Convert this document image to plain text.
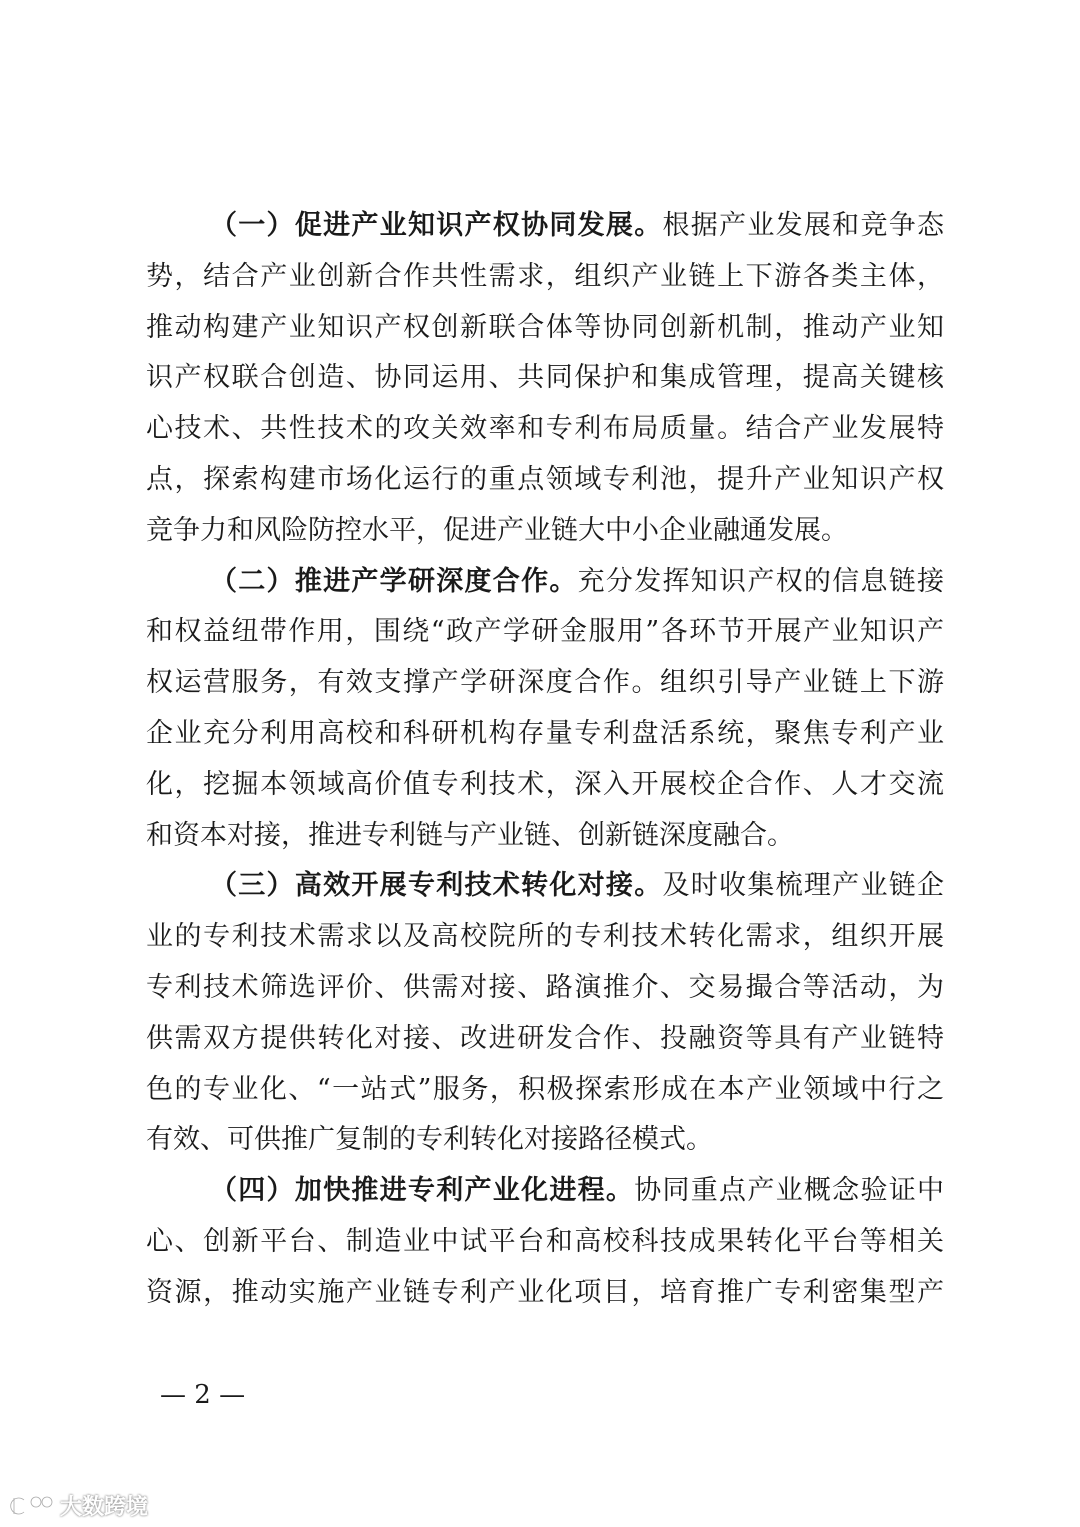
（一）促进产业知识产权协同发展。根据产业发展和竞争态
势，结合产业创新合作共性需求，组织产业链上下游各类主体，
推动构建产业知识产权创新联合体等协同创新机制，推动产业知
识产权联合创造、协同运用、共同保护和集成管理，提高关键核
心技术、共性技术的攻关效率和专利布局质量。结合产业发展特
点，探索构建市场化运行的重点领域专利池，提升产业知识产权
竞争力和风险防控水平，促进产业链大中小企业融通发展。
（二）推进产学研深度合作。充分发挥知识产权的信息链接
和权益纽带作用，围绕“政产学研金服用”各环节开展产业知识产
权运营服务，有效支撑产学研深度合作。组织引导产业链上下游
企业充分利用高校和科研机构存量专利盘活系统，聚焦专利产业
化，挖掘本领域高价值专利技术，深入开展校企合作、人才交流
和资本对接，推进专利链与产业链、创新链深度融合。
（三）高效开展专利技术转化对接。及时收集梳理产业链企
业的专利技术需求以及高校院所的专利技术转化需求，组织开展
专利技术筛选评价、供需对接、路演推介、交易撮合等活动，为
供需双方提供转化对接、改进研发合作、投融资等具有产业链特
色的专业化、“一站式”服务，积极探索形成在本产业领域中行之
有效、可供推广复制的专利转化对接路径模式。
（四）加快推进专利产业化进程。协同重点产业概念验证中
心、创新平台、制造业中试平台和高校科技成果转化平台等相关
资源，推动实施产业链专利产业化项目，培育推广专利密集型产
— 2 —
大数跨境
